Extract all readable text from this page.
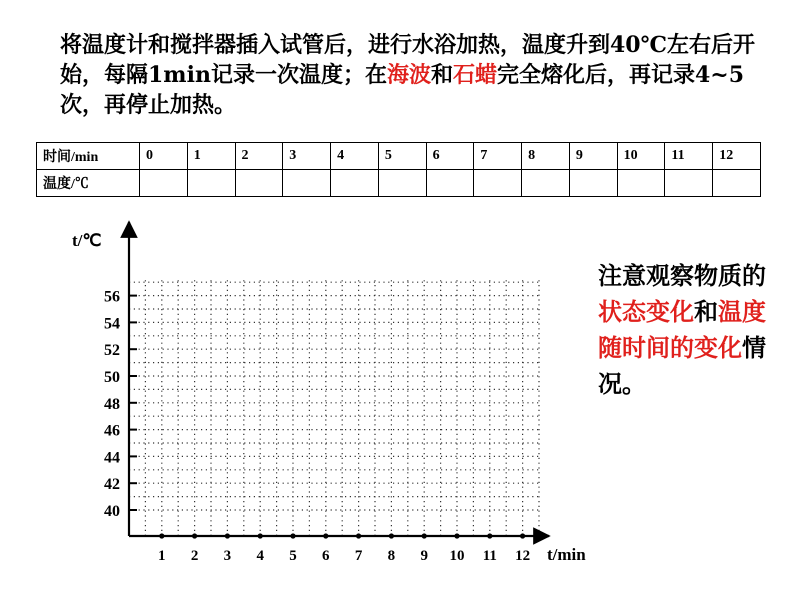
将温度计和搅拌器插入试管后，进行水浴加热，温度升到40℃左右后开始，每隔1min记录一次温度；在海波和石蜡完全熔化后，再记录4~5次，再停止加热。

时间/min	0	1	2	3	4	5	6	7	8	9	10	11	12
温度/℃													
t/℃
t/min
1 2 3 4 5 6 7 8 9 10 11 12
40
42
44
46
48
50
52
54
56

注意观察物质的状态变化和温度随时间的变化情况。
